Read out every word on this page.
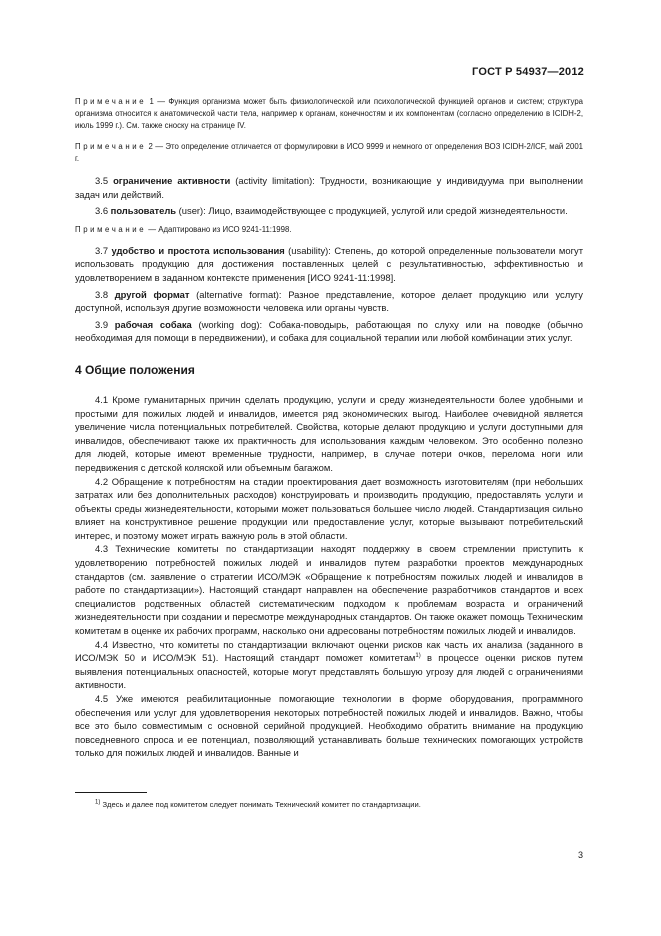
ГОСТ Р 54937—2012

Примечание 1 — Функция организма может быть физиологической или психологической функцией органов и систем; структура организма относится к анатомической части тела, например к органам, конечностям и их компонентам (согласно определению в ICIDH-2, июль 1999 г.). См. также сноску на странице IV.

Примечание 2 — Это определение отличается от формулировки в ИСО 9999 и немного от определения ВОЗ ICIDH-2/ICF, май 2001 г.

3.5 ограничение активности (activity limitation): Трудности, возникающие у индивидуума при выполнении задач или действий.

3.6 пользователь (user): Лицо, взаимодействующее с продукцией, услугой или средой жизнедеятельности.

Примечание — Адаптировано из ИСО 9241-11:1998.

3.7 удобство и простота использования (usability): Степень, до которой определенные пользователи могут использовать продукцию для достижения поставленных целей с результативностью, эффективностью и удовлетворением в заданном контексте применения [ИСО 9241-11:1998].

3.8 другой формат (alternative format): Разное представление, которое делает продукцию или услугу доступной, используя другие возможности человека или органы чувств.

3.9 рабочая собака (working dog): Собака-поводырь, работающая по слуху или на поводке (обычно необходимая для помощи в передвижении), и собака для социальной терапии или любой комбинации этих услуг.

4 Общие положения

4.1 Кроме гуманитарных причин сделать продукцию, услуги и среду жизнедеятельности более удобными и простыми для пожилых людей и инвалидов, имеется ряд экономических выгод. Наиболее очевидной является увеличение числа потенциальных потребителей. Свойства, которые делают продукцию и услуги доступными для инвалидов, обеспечивают также их практичность для использования каждым человеком. Это особенно полезно для людей, которые имеют временные трудности, например, в случае потери очков, перелома ноги или передвижения с детской коляской или объемным багажом.

4.2 Обращение к потребностям на стадии проектирования дает возможность изготовителям (при небольших затратах или без дополнительных расходов) конструировать и производить продукцию, предоставлять услуги и объекты среды жизнедеятельности, которыми может пользоваться большее число людей. Стандартизация сильно влияет на конструктивное решение продукции или предоставление услуг, которые вызывают потребительский интерес, и поэтому может играть важную роль в этой области.

4.3 Технические комитеты по стандартизации находят поддержку в своем стремлении приступить к удовлетворению потребностей пожилых людей и инвалидов путем разработки проектов международных стандартов (см. заявление о стратегии ИСО/МЭК «Обращение к потребностям пожилых людей и инвалидов в работе по стандартизации»). Настоящий стандарт направлен на обеспечение разработчиков стандартов и всех специалистов родственных областей систематическим подходом к проблемам возраста и ограничений жизнедеятельности при создании и пересмотре международных стандартов. Он также окажет помощь Техническим комитетам в оценке их рабочих программ, насколько они адресованы потребностям пожилых людей и инвалидов.

4.4 Известно, что комитеты по стандартизации включают оценки рисков как часть их анализа (заданного в ИСО/МЭК 50 и ИСО/МЭК 51). Настоящий стандарт поможет комитетам$^{1)}$ в процессе оценки рисков путем выявления потенциальных опасностей, которые могут представлять большую угрозу для людей с ограничениями активности.

4.5 Уже имеются реабилитационные помогающие технологии в форме оборудования, программного обеспечения или услуг для удовлетворения некоторых потребностей пожилых людей и инвалидов. Важно, чтобы все это было совместимым с основной серийной продукцией. Необходимо обратить внимание на продукцию повседневного спроса и ее потенциал, позволяющий устанавливать больше технических помогающих устройств только для пожилых людей и инвалидов. Ванные и

$^{1)}$ Здесь и далее под комитетом следует понимать Технический комитет по стандартизации.
3
